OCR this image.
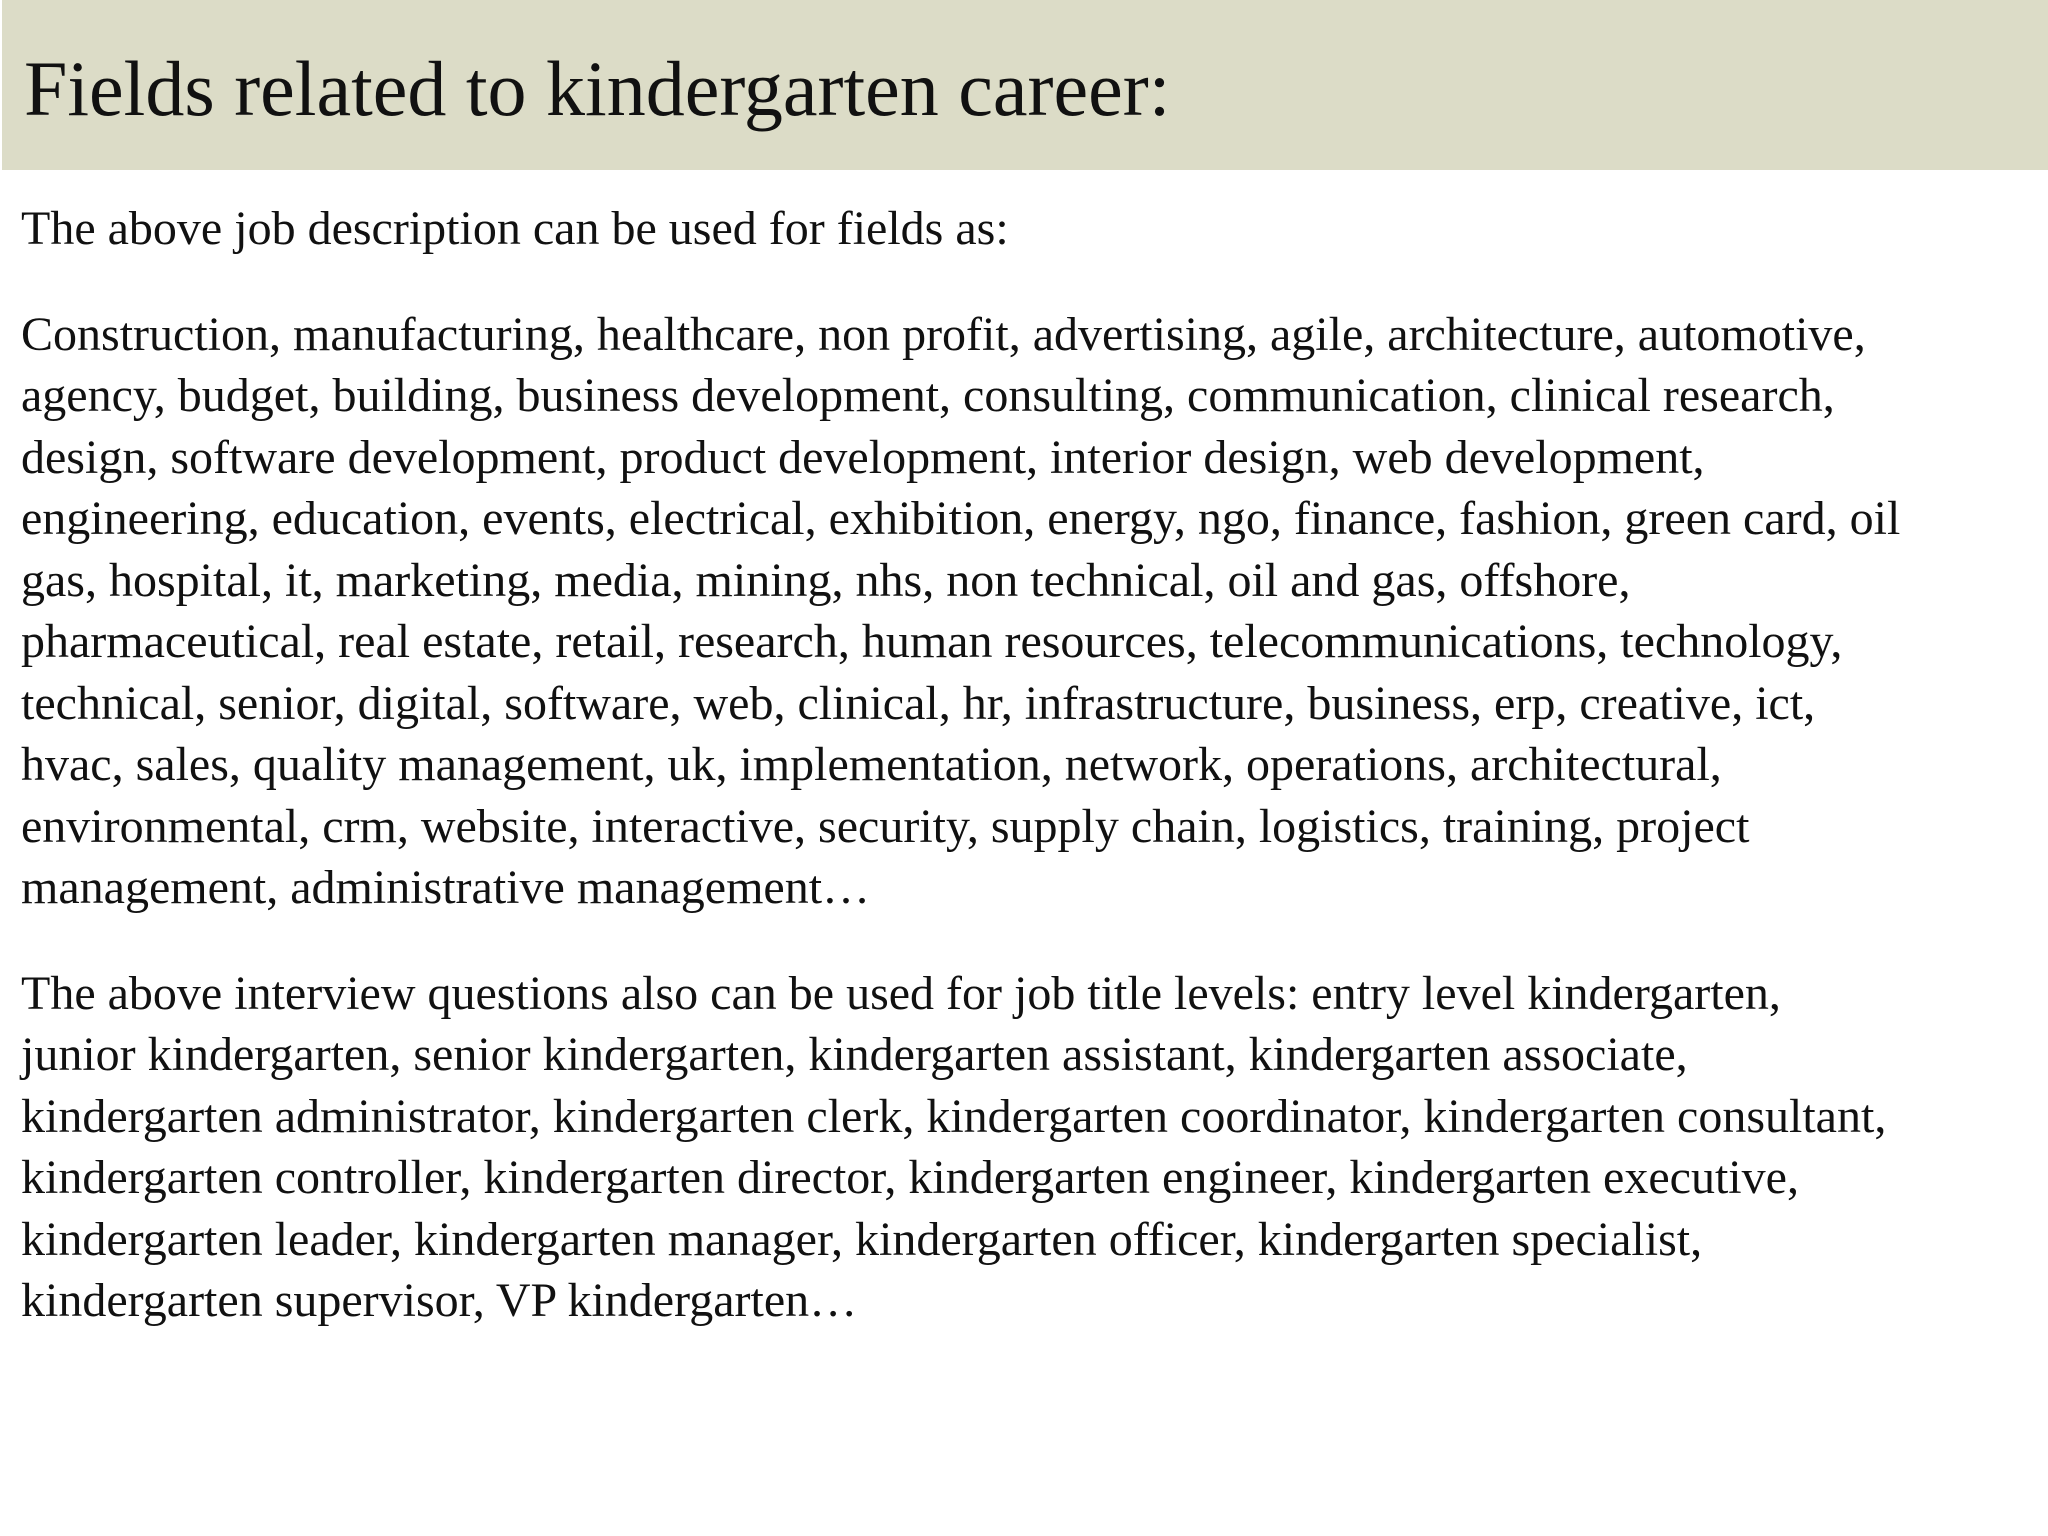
Fields related to kindergarten career:

The above job description can be used for fields as:

Construction, manufacturing, healthcare, non profit, advertising, agile, architecture, automotive,
agency, budget, building, business development, consulting, communication, clinical research,
design, software development, product development, interior design, web development,
engineering, education, events, electrical, exhibition, energy, ngo, finance, fashion, green card, oil
gas, hospital, it, marketing, media, mining, nhs, non technical, oil and gas, offshore,
pharmaceutical, real estate, retail, research, human resources, telecommunications, technology,
technical, senior, digital, software, web, clinical, hr, infrastructure, business, erp, creative, ict,
hvac, sales, quality management, uk, implementation, network, operations, architectural,
environmental, crm, website, interactive, security, supply chain, logistics, training, project
management, administrative management…

The above interview questions also can be used for job title levels: entry level kindergarten,
junior kindergarten, senior kindergarten, kindergarten assistant, kindergarten associate,
kindergarten administrator, kindergarten clerk, kindergarten coordinator, kindergarten consultant,
kindergarten controller, kindergarten director, kindergarten engineer, kindergarten executive,
kindergarten leader, kindergarten manager, kindergarten officer, kindergarten specialist,
kindergarten supervisor, VP kindergarten…
